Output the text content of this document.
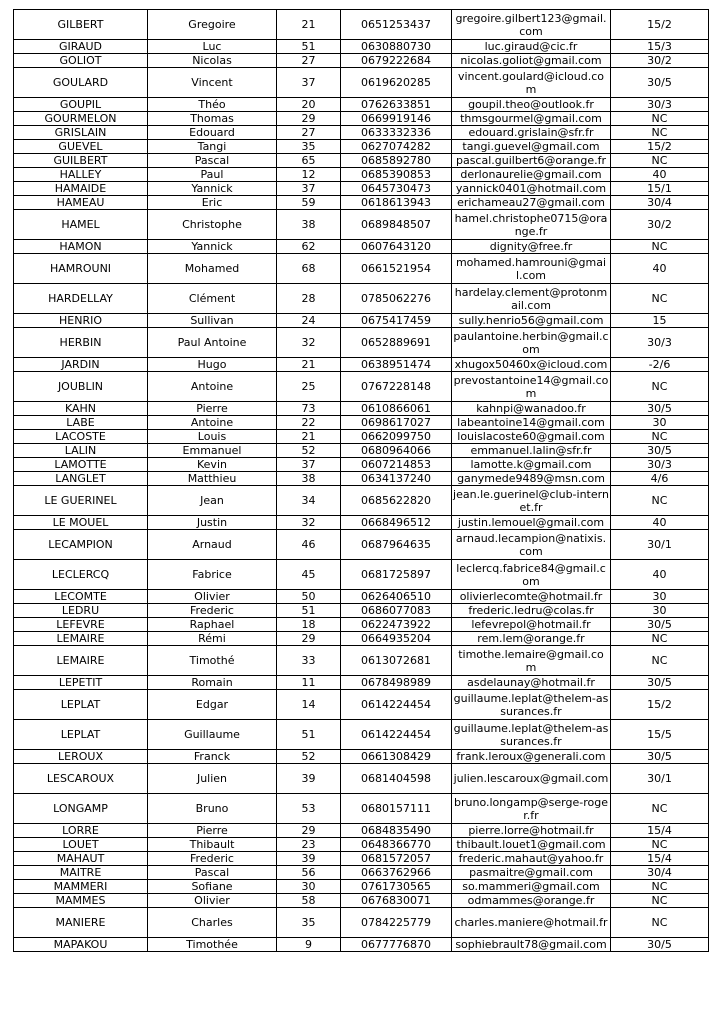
GILBERT	Gregoire	21	0651253437	gregoire.gilbert123@gmail.com	15/2
GIRAUD	Luc	51	0630880730	luc.giraud@cic.fr	15/3
GOLIOT	Nicolas	27	0679222684	nicolas.goliot@gmail.com	30/2
GOULARD	Vincent	37	0619620285	vincent.goulard@icloud.com	30/5
GOUPIL	Théo	20	0762633851	goupil.theo@outlook.fr	30/3
GOURMELON	Thomas	29	0669919146	thmsgourmel@gmail.com	NC
GRISLAIN	Edouard	27	0633332336	edouard.grislain@sfr.fr	NC
GUEVEL	Tangi	35	0627074282	tangi.guevel@gmail.com	15/2
GUILBERT	Pascal	65	0685892780	pascal.guilbert6@orange.fr	NC
HALLEY	Paul	12	0685390853	derlonaurelie@gmail.com	40
HAMAIDE	Yannick	37	0645730473	yannick0401@hotmail.com	15/1
HAMEAU	Eric	59	0618613943	erichameau27@gmail.com	30/4
HAMEL	Christophe	38	0689848507	hamel.christophe0715@orange.fr	30/2
HAMON	Yannick	62	0607643120	dignity@free.fr	NC
HAMROUNI	Mohamed	68	0661521954	mohamed.hamrouni@gmail.com	40
HARDELLAY	Clément	28	0785062276	hardelay.clement@protonmail.com	NC
HENRIO	Sullivan	24	0675417459	sully.henrio56@gmail.com	15
HERBIN	Paul Antoine	32	0652889691	paulantoine.herbin@gmail.com	30/3
JARDIN	Hugo	21	0638951474	xhugox50460x@icloud.com	-2/6
JOUBLIN	Antoine	25	0767228148	prevostantoine14@gmail.com	NC
KAHN	Pierre	73	0610866061	kahnpi@wanadoo.fr	30/5
LABE	Antoine	22	0698617027	labeantoine14@gmail.com	30
LACOSTE	Louis	21	0662099750	louislacoste60@gmail.com	NC
LALIN	Emmanuel	52	0680964066	emmanuel.lalin@sfr.fr	30/5
LAMOTTE	Kevin	37	0607214853	lamotte.k@gmail.com	30/3
LANGLET	Matthieu	38	0634137240	ganymede9489@msn.com	4/6
LE GUERINEL	Jean	34	0685622820	jean.le.guerinel@club-internet.fr	NC
LE MOUEL	Justin	32	0668496512	justin.lemouel@gmail.com	40
LECAMPION	Arnaud	46	0687964635	arnaud.lecampion@natixis.com	30/1
LECLERCQ	Fabrice	45	0681725897	leclercq.fabrice84@gmail.com	40
LECOMTE	Olivier	50	0626406510	olivierlecomte@hotmail.fr	30
LEDRU	Frederic	51	0686077083	frederic.ledru@colas.fr	30
LEFEVRE	Raphael	18	0622473922	lefevrepol@hotmail.fr	30/5
LEMAIRE	Rémi	29	0664935204	rem.lem@orange.fr	NC
LEMAIRE	Timothé	33	0613072681	timothe.lemaire@gmail.com	NC
LEPETIT	Romain	11	0678498989	asdelaunay@hotmail.fr	30/5
LEPLAT	Edgar	14	0614224454	guillaume.leplat@thelem-assurances.fr	15/2
LEPLAT	Guillaume	51	0614224454	guillaume.leplat@thelem-assurances.fr	15/5
LEROUX	Franck	52	0661308429	frank.leroux@generali.com	30/5
LESCAROUX	Julien	39	0681404598	julien.lescaroux@gmail.com	30/1
LONGAMP	Bruno	53	0680157111	bruno.longamp@serge-roger.fr	NC
LORRE	Pierre	29	0684835490	pierre.lorre@hotmail.fr	15/4
LOUET	Thibault	23	0648366770	thibault.louet1@gmail.com	NC
MAHAUT	Frederic	39	0681572057	frederic.mahaut@yahoo.fr	15/4
MAITRE	Pascal	56	0663762966	pasmaitre@gmail.com	30/4
MAMMERI	Sofiane	30	0761730565	so.mammeri@gmail.com	NC
MAMMES	Olivier	58	0676830071	odmammes@orange.fr	NC
MANIERE	Charles	35	0784225779	charles.maniere@hotmail.fr	NC
MAPAKOU	Timothée	9	0677776870	sophiebrault78@gmail.com	30/5
